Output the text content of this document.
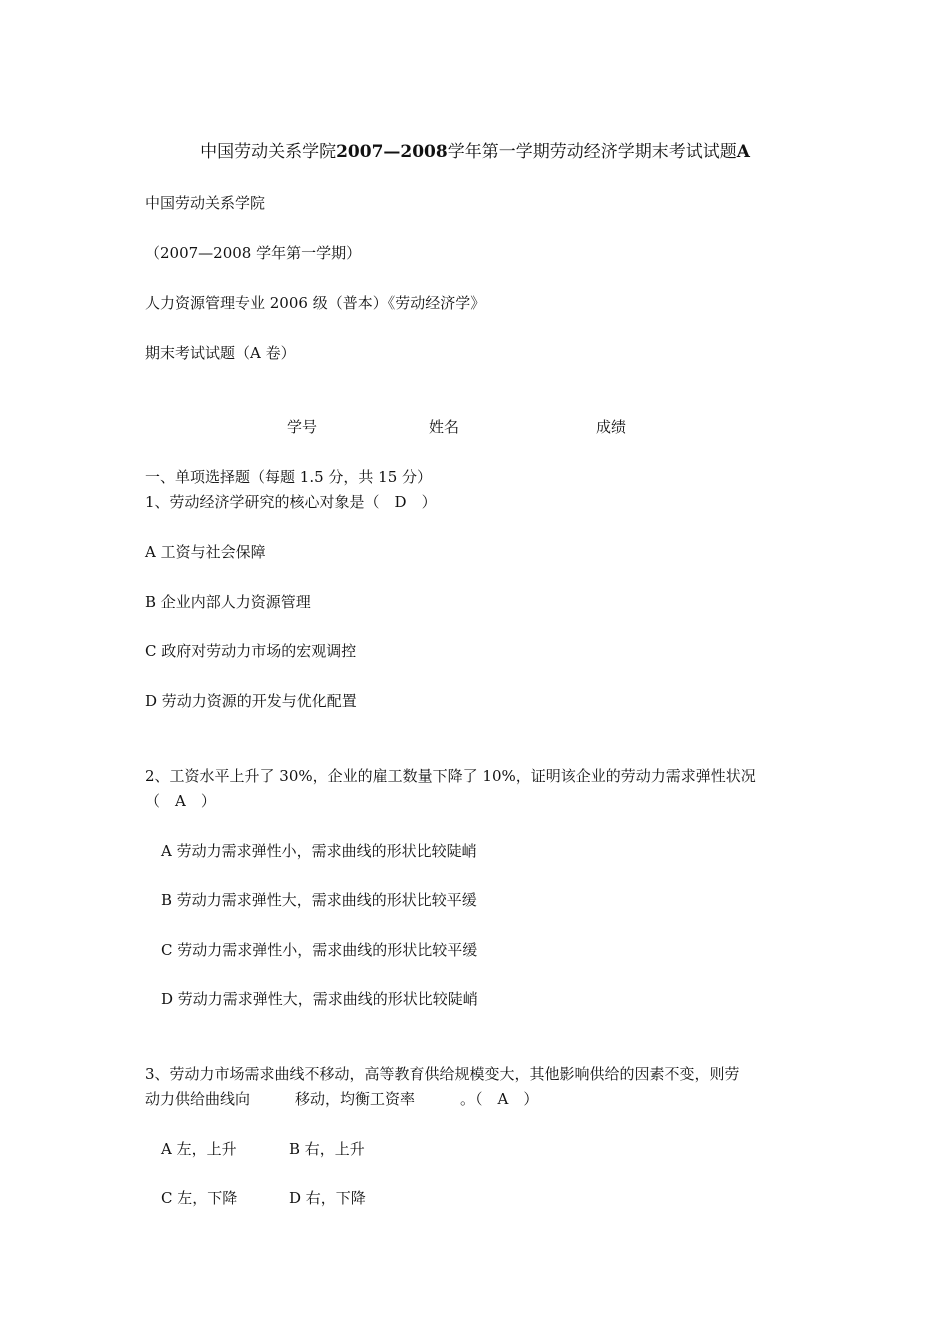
中国劳动关系学院2007—2008学年第一学期劳动经济学期末考试试题A
中国劳动关系学院
（2007—2008 学年第一学期）
人力资源管理专业 2006 级（普本）《劳动经济学》
期末考试试题（A 卷）
学号	姓名	成绩
一、单项选择题（每题 1.5 分，共 15 分）
1、劳动经济学研究的核心对象是（　D　）
A 工资与社会保障
B 企业内部人力资源管理
C 政府对劳动力市场的宏观调控
D 劳动力资源的开发与优化配置
2、工资水平上升了 30%，企业的雇工数量下降了 10%，证明该企业的劳动力需求弹性状况
（　A　）
A 劳动力需求弹性小，需求曲线的形状比较陡峭
B 劳动力需求弹性大，需求曲线的形状比较平缓
C 劳动力需求弹性小，需求曲线的形状比较平缓
D 劳动力需求弹性大，需求曲线的形状比较陡峭
3、劳动力市场需求曲线不移动，高等教育供给规模变大，其他影响供给的因素不变，则劳
动力供给曲线向　　　移动，均衡工资率　　　。（　A　）
A 左，上升	B 右，上升
C 左，下降	D 右，下降
